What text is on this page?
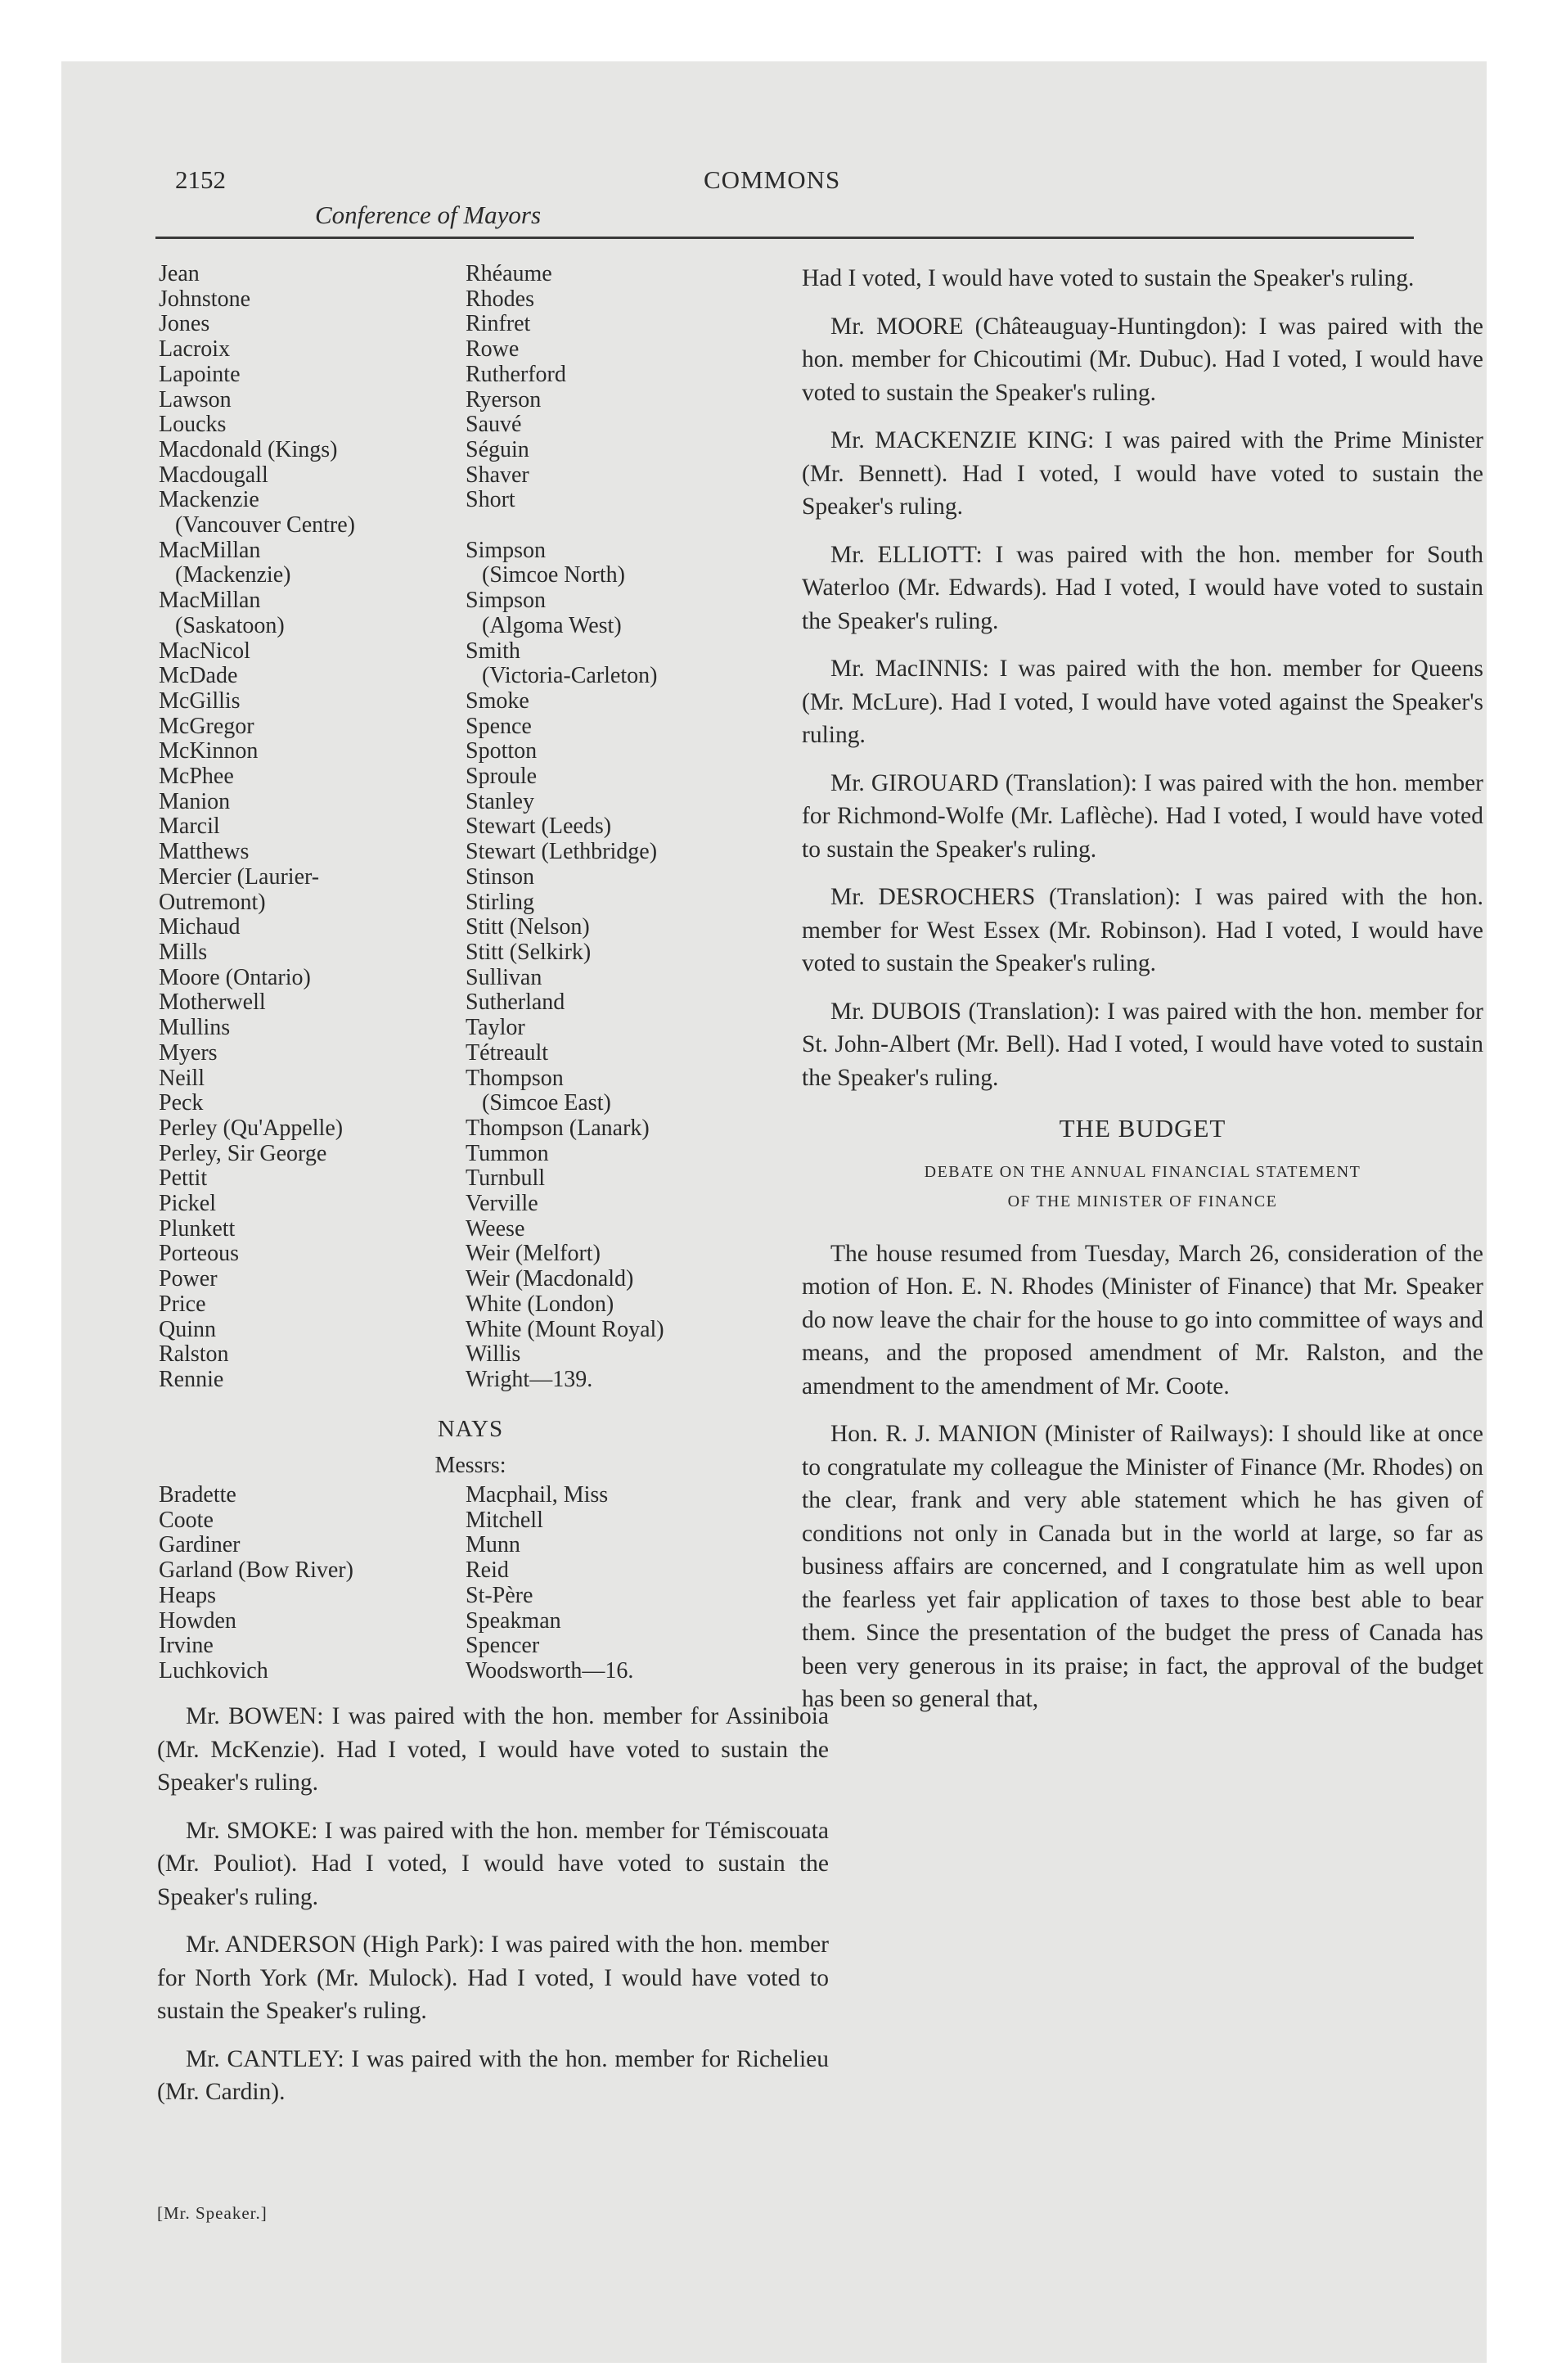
2152
Conference of Mayors
COMMONS
Jean
Johnstone
Jones
Lacroix
Lapointe
Lawson
Loucks
Macdonald (Kings)
Macdougall
Mackenzie
(Vancouver Centre)
MacMillan
(Mackenzie)
MacMillan
(Saskatoon)
MacNicol
McDade
McGillis
McGregor
McKinnon
McPhee
Manion
Marcil
Matthews
Mercier (Laurier-
Outremont)
Michaud
Mills
Moore (Ontario)
Motherwell
Mullins
Myers
Neill
Peck
Perley (Qu'Appelle)
Perley, Sir George
Pettit
Pickel
Plunkett
Porteous
Power
Price
Quinn
Ralston
Rennie
Rhéaume
Rhodes
Rinfret
Rowe
Rutherford
Ryerson
Sauvé
Séguin
Shaver
Short

Simpson
(Simcoe North)
Simpson
(Algoma West)
Smith
(Victoria-Carleton)
Smoke
Spence
Spotton
Sproule
Stanley
Stewart (Leeds)
Stewart (Lethbridge)
Stinson
Stirling
Stitt (Nelson)
Stitt (Selkirk)
Sullivan
Sutherland
Taylor
Tétreault
Thompson
(Simcoe East)
Thompson (Lanark)
Tummon
Turnbull
Verville
Weese
Weir (Melfort)
Weir (Macdonald)
White (London)
White (Mount Royal)
Willis
Wright—139.
NAYS
Messrs:
Bradette
Coote
Gardiner
Garland (Bow River)
Heaps
Howden
Irvine
Luchkovich
Macphail, Miss
Mitchell
Munn
Reid
St-Père
Speakman
Spencer
Woodsworth—16.

Mr. BOWEN: I was paired with the hon. member for Assiniboia (Mr. McKenzie). Had I voted, I would have voted to sustain the Speaker's ruling.

Mr. SMOKE: I was paired with the hon. member for Témiscouata (Mr. Pouliot). Had I voted, I would have voted to sustain the Speaker's ruling.

Mr. ANDERSON (High Park): I was paired with the hon. member for North York (Mr. Mulock). Had I voted, I would have voted to sustain the Speaker's ruling.

Mr. CANTLEY: I was paired with the hon. member for Richelieu (Mr. Cardin).

Had I voted, I would have voted to sustain the Speaker's ruling.

Mr. MOORE (Châteauguay-Huntingdon): I was paired with the hon. member for Chicoutimi (Mr. Dubuc). Had I voted, I would have voted to sustain the Speaker's ruling.

Mr. MACKENZIE KING: I was paired with the Prime Minister (Mr. Bennett). Had I voted, I would have voted to sustain the Speaker's ruling.

Mr. ELLIOTT: I was paired with the hon. member for South Waterloo (Mr. Edwards). Had I voted, I would have voted to sustain the Speaker's ruling.

Mr. MacINNIS: I was paired with the hon. member for Queens (Mr. McLure). Had I voted, I would have voted against the Speaker's ruling.

Mr. GIROUARD (Translation): I was paired with the hon. member for Richmond-Wolfe (Mr. Laflèche). Had I voted, I would have voted to sustain the Speaker's ruling.

Mr. DESROCHERS (Translation): I was paired with the hon. member for West Essex (Mr. Robinson). Had I voted, I would have voted to sustain the Speaker's ruling.

Mr. DUBOIS (Translation): I was paired with the hon. member for St. John-Albert (Mr. Bell). Had I voted, I would have voted to sustain the Speaker's ruling.

THE BUDGET

DEBATE ON THE ANNUAL FINANCIAL STATEMENT
OF THE MINISTER OF FINANCE

The house resumed from Tuesday, March 26, consideration of the motion of Hon. E. N. Rhodes (Minister of Finance) that Mr. Speaker do now leave the chair for the house to go into committee of ways and means, and the proposed amendment of Mr. Ralston, and the amendment to the amendment of Mr. Coote.

Hon. R. J. MANION (Minister of Railways): I should like at once to congratulate my colleague the Minister of Finance (Mr. Rhodes) on the clear, frank and very able statement which he has given of conditions not only in Canada but in the world at large, so far as business affairs are concerned, and I congratulate him as well upon the fearless yet fair application of taxes to those best able to bear them. Since the presentation of the budget the press of Canada has been very generous in its praise; in fact, the approval of the budget has been so general that,

[Mr. Speaker.]
